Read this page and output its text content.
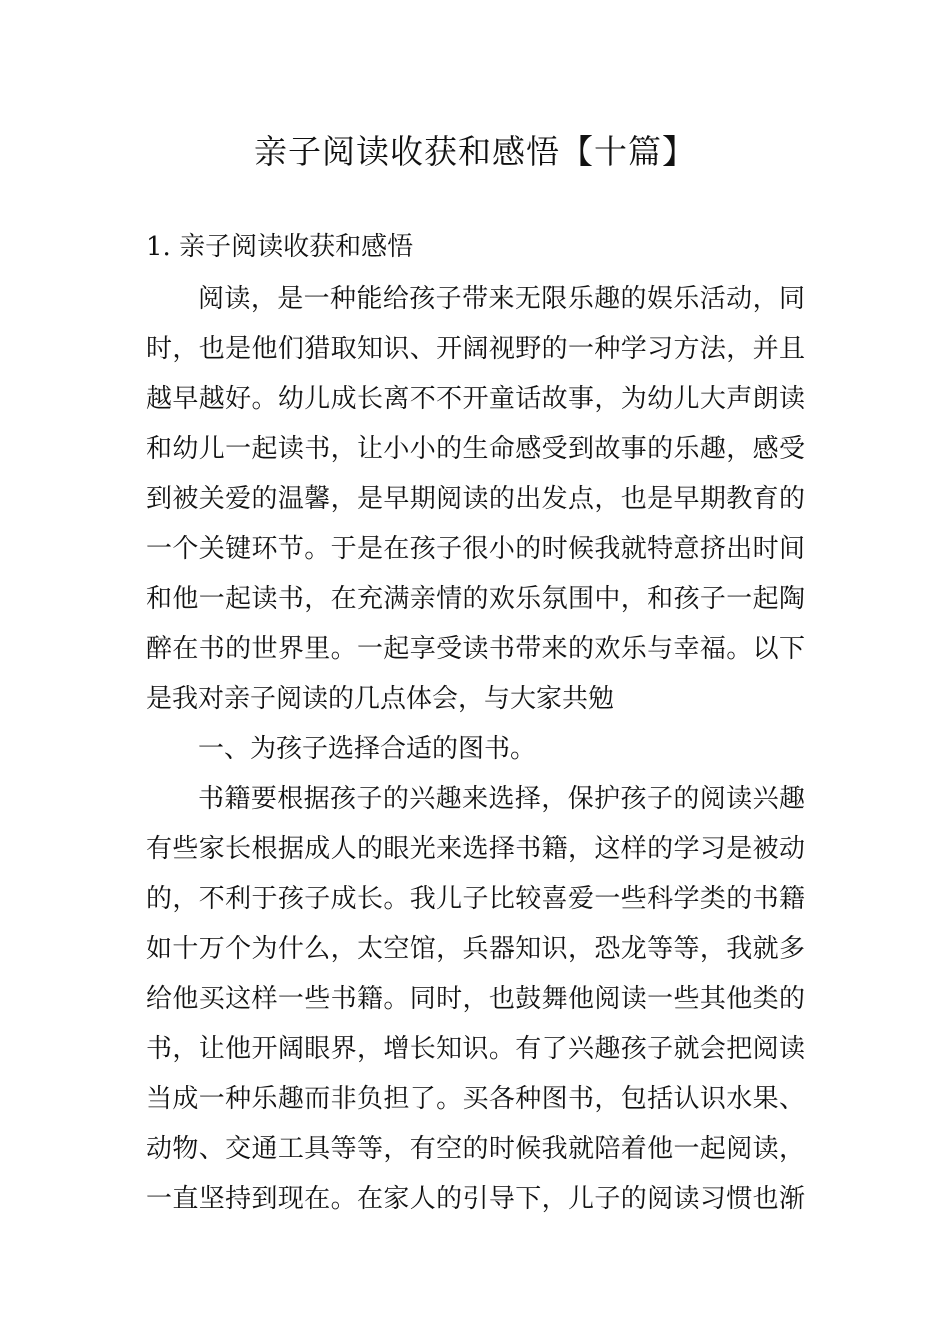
亲子阅读收获和感悟【十篇】
1. 亲子阅读收获和感悟
阅读，是一种能给孩子带来无限乐趣的娱乐活动，同
时，也是他们猎取知识、开阔视野的一种学习方法，并且
越早越好。幼儿成长离不不开童话故事，为幼儿大声朗读
和幼儿一起读书，让小小的生命感受到故事的乐趣，感受
到被关爱的温馨，是早期阅读的出发点，也是早期教育的
一个关键环节。于是在孩子很小的时候我就特意挤出时间
和他一起读书，在充满亲情的欢乐氛围中，和孩子一起陶
醉在书的世界里。一起享受读书带来的欢乐与幸福。以下
是我对亲子阅读的几点体会，与大家共勉
一、为孩子选择合适的图书。
书籍要根据孩子的兴趣来选择，保护孩子的阅读兴趣
有些家长根据成人的眼光来选择书籍，这样的学习是被动
的，不利于孩子成长。我儿子比较喜爱一些科学类的书籍
如十万个为什么，太空馆，兵器知识，恐龙等等，我就多
给他买这样一些书籍。同时，也鼓舞他阅读一些其他类的
书，让他开阔眼界，增长知识。有了兴趣孩子就会把阅读
当成一种乐趣而非负担了。买各种图书，包括认识水果、
动物、交通工具等等，有空的时候我就陪着他一起阅读，
一直坚持到现在。在家人的引导下，儿子的阅读习惯也渐
